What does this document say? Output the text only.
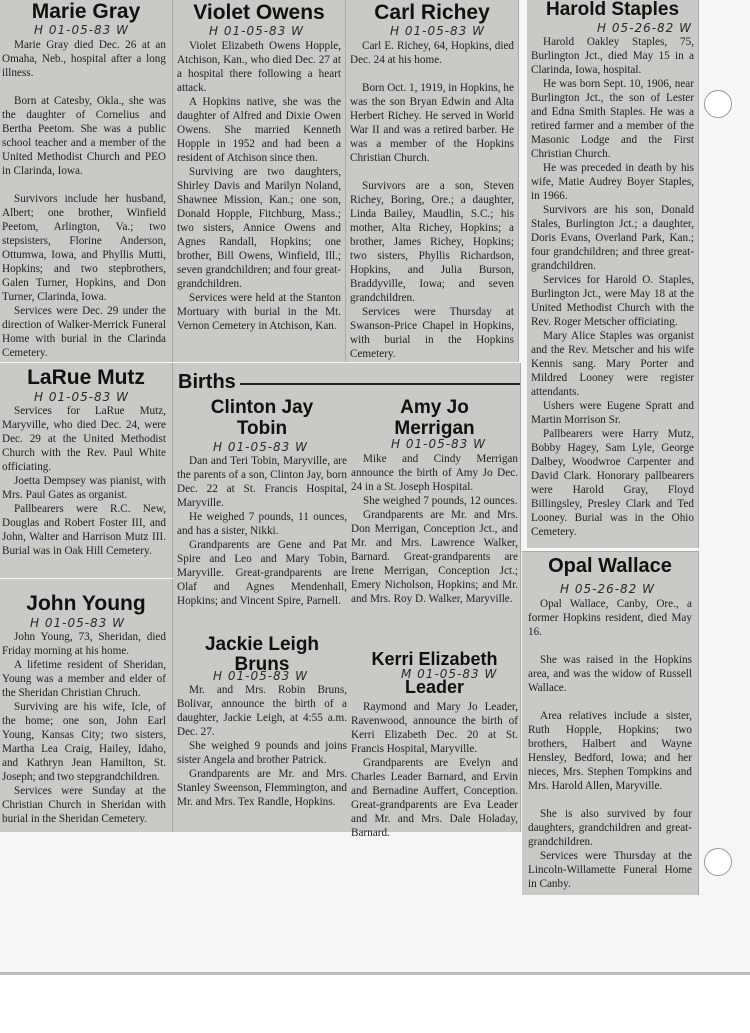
Marie Gray
H 01-05-83 W

Marie Gray died Dec. 26 at an Omaha, Neb., hospital after a long illness.

Born at Catesby, Okla., she was the daughter of Cornelius and Bertha Peetom. She was a public school teacher and a member of the United Methodist Church and PEO in Clarinda, Iowa.

Survivors include her husband, Albert; one brother, Winfield Peetom, Arlington, Va.; two stepsisters, Florine Anderson, Ottumwa, Iowa, and Phyllis Mutti, Hopkins; and two stepbrothers, Galen Turner, Hopkins, and Don Turner, Clarinda, Iowa.

Services were Dec. 29 under the direction of Walker-Merrick Funeral Home with burial in the Clarinda Cemetery.

Violet Owens
H 01-05-83 W

Violet Elizabeth Owens Hopple, Atchison, Kan., who died Dec. 27 at a hospital there following a heart attack.

A Hopkins native, she was the daughter of Alfred and Dixie Owen Owens. She married Kenneth Hopple in 1952 and had been a resident of Atchison since then.

Surviving are two daughters, Shirley Davis and Marilyn Noland, Shawnee Mission, Kan.; one son, Donald Hopple, Fitchburg, Mass.; two sisters, Annice Owens and Agnes Randall, Hopkins; one brother, Bill Owens, Winfield, Ill.; seven grandchildren; and four great-grandchildren.

Services were held at the Stanton Mortuary with burial in the Mt. Vernon Cemetery in Atchison, Kan.

Carl Richey
H 01-05-83 W

Carl E. Richey, 64, Hopkins, died Dec. 24 at his home.

Born Oct. 1, 1919, in Hopkins, he was the son Bryan Edwin and Alta Herbert Richey. He served in World War II and was a retired barber. He was a member of the Hopkins Christian Church.

Survivors are a son, Steven Richey, Boring, Ore.; a daughter, Linda Bailey, Maudlin, S.C.; his mother, Alta Richey, Hopkins; a brother, James Richey, Hopkins; two sisters, Phyllis Richardson, Hopkins, and Julia Burson, Braddyville, Iowa; and seven grandchildren.

Services were Thursday at Swanson-Price Chapel in Hopkins, with burial in the Hopkins Cemetery.

Harold Staples
H 05-26-82 W

Harold Oakley Staples, 75, Burlington Jct., died May 15 in a Clarinda, Iowa, hospital.

He was born Sept. 10, 1906, near Burlington Jct., the son of Lester and Edna Smith Staples. He was a retired farmer and a member of the Masonic Lodge and the First Christian Church.

He was preceded in death by his wife, Matie Audrey Boyer Staples, in 1966.

Survivors are his son, Donald Stales, Burlington Jct.; a daughter, Doris Evans, Overland Park, Kan.; four grandchildren; and three great-grandchildren.

Services for Harold O. Staples, Burlington Jct., were May 18 at the United Methodist Church with the Rev. Roger Metscher officiating.

Mary Alice Staples was organist and the Rev. Metscher and his wife Kennis sang. Mary Porter and Mildred Looney were register attendants.

Ushers were Eugene Spratt and Martin Morrison Sr.

Pallbearers were Harry Mutz, Bobby Hagey, Sam Lyle, George Dalbey, Woodwroe Carpenter and David Clark. Honorary pallbearers were Harold Gray, Floyd Billingsley, Presley Clark and Ted Looney. Burial was in the Ohio Cemetery.

LaRue Mutz
H 01-05-83 W

Services for LaRue Mutz, Maryville, who died Dec. 24, were Dec. 29 at the United Methodist Church with the Rev. Paul White officiating.

Joetta Dempsey was pianist, with Mrs. Paul Gates as organist.

Pallbearers were R.C. New, Douglas and Robert Foster III, and John, Walter and Harrison Mutz III. Burial was in Oak Hill Cemetery.

John Young
H 01-05-83 W

John Young, 73, Sheridan, died Friday morning at his home.

A lifetime resident of Sheridan, Young was a member and elder of the Sheridan Christian Chruch.

Surviving are his wife, Icle, of the home; one son, John Earl Young, Kansas City; two sisters, Martha Lea Craig, Hailey, Idaho, and Kathryn Jean Hamilton, St. Joseph; and two stepgrandchildren.

Services were Sunday at the Christian Church in Sheridan with burial in the Sheridan Cemetery.

Births
Clinton Jay
Tobin
H 01-05-83 W

Dan and Teri Tobin, Maryville, are the parents of a son, Clinton Jay, born Dec. 22 at St. Francis Hospital, Maryville.

He weighed 7 pounds, 11 ounces, and has a sister, Nikki.

Grandparents are Gene and Pat Spire and Leo and Mary Tobin, Maryville. Great-grandparents are Olaf and Agnes Mendenhall, Hopkins; and Vincent Spire, Parnell.

Amy Jo
Merrigan
H 01-05-83 W

Mike and Cindy Merrigan announce the birth of Amy Jo Dec. 24 in a St. Joseph Hospital.

She weighed 7 pounds, 12 ounces.

Grandparents are Mr. and Mrs. Don Merrigan, Conception Jct., and Mr. and Mrs. Lawrence Walker, Barnard. Great-grandparents are Irene Merrigan, Conception Jct.; Emery Nicholson, Hopkins; and Mr. and Mrs. Roy D. Walker, Maryville.

Jackie Leigh
Bruns
H 01-05-83 W

Mr. and Mrs. Robin Bruns, Bolivar, announce the birth of a daughter, Jackie Leigh, at 4:55 a.m. Dec. 27.

She weighed 9 pounds and joins sister Angela and brother Patrick.

Grandparents are Mr. and Mrs. Stanley Sweenson, Flemmington, and Mr. and Mrs. Tex Randle, Hopkins.

Kerri Elizabeth
M 01-05-83 W
Leader

Raymond and Mary Jo Leader, Ravenwood, announce the birth of Kerri Elizabeth Dec. 20 at St. Francis Hospital, Maryville.

Grandparents are Evelyn and Charles Leader Barnard, and Ervin and Bernadine Auffert, Conception. Great-grandparents are Eva Leader and Mr. and Mrs. Dale Holaday, Barnard.

Opal Wallace
H 05-26-82 W

Opal Wallace, Canby, Ore., a former Hopkins resident, died May 16.

She was raised in the Hopkins area, and was the widow of Russell Wallace.

Area relatives include a sister, Ruth Hopple, Hopkins; two brothers, Halbert and Wayne Hensley, Bedford, Iowa; and her nieces, Mrs. Stephen Tompkins and Mrs. Harold Allen, Maryville.

She is also survived by four daughters, grandchildren and great-grandchildren.

Services were Thursday at the Lincoln-Willamette Funeral Home in Canby.
